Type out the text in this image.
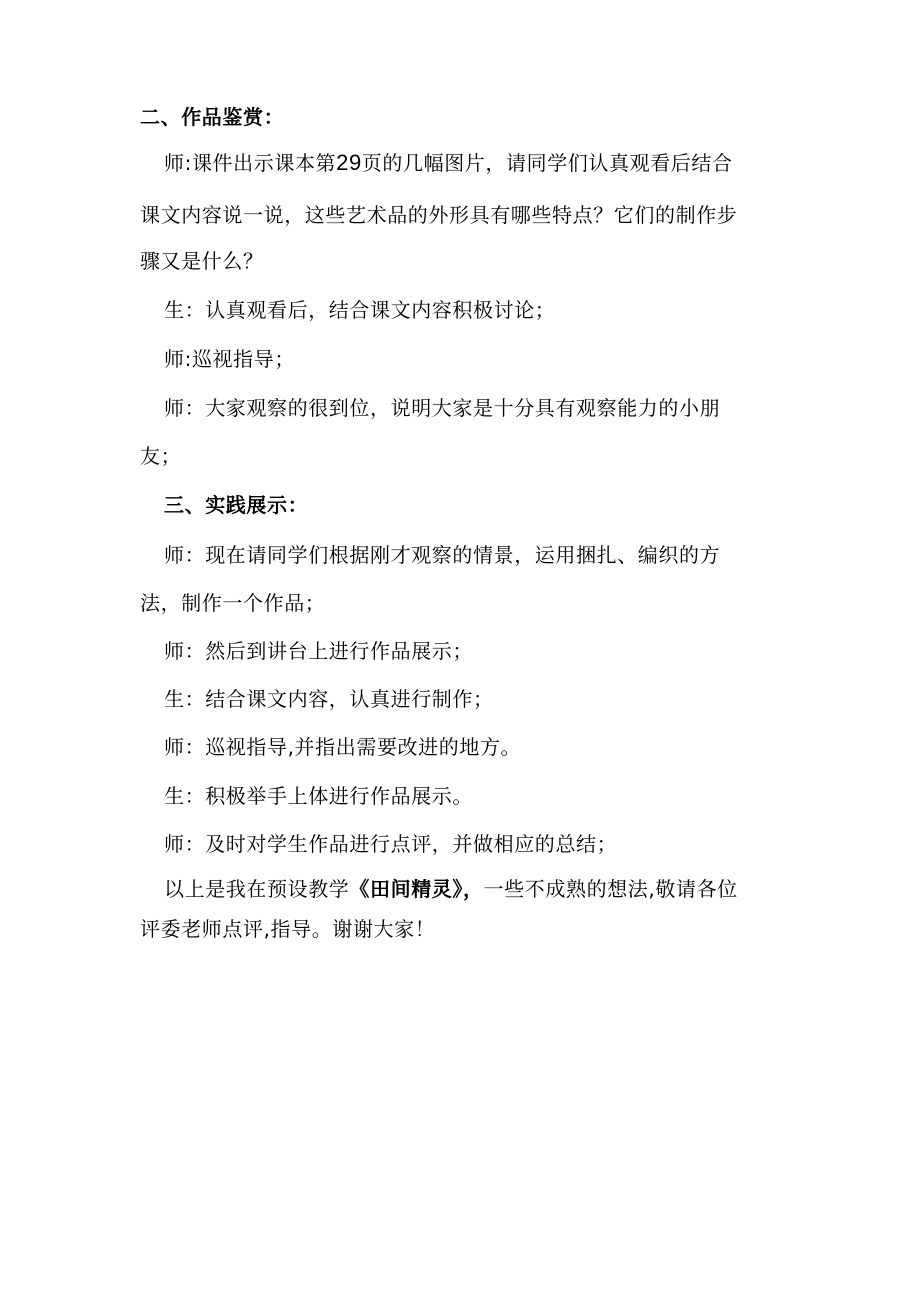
二、作品鉴赏：
师:课件出示课本第29页的几幅图片，请同学们认真观看后结合
课文内容说一说，这些艺术品的外形具有哪些特点？它们的制作步
骤又是什么？
生：认真观看后，结合课文内容积极讨论；
师:巡视指导；
师：大家观察的很到位，说明大家是十分具有观察能力的小朋
友；
三、实践展示：
师：现在请同学们根据刚才观察的情景，运用捆扎、编织的方
法，制作一个作品；
师：然后到讲台上进行作品展示；
生：结合课文内容，认真进行制作；
师：巡视指导,并指出需要改进的地方。
生：积极举手上体进行作品展示。
师：及时对学生作品进行点评，并做相应的总结；
以上是我在预设教学《田间精灵》，一些不成熟的想法,敬请各位
评委老师点评,指导。谢谢大家！
